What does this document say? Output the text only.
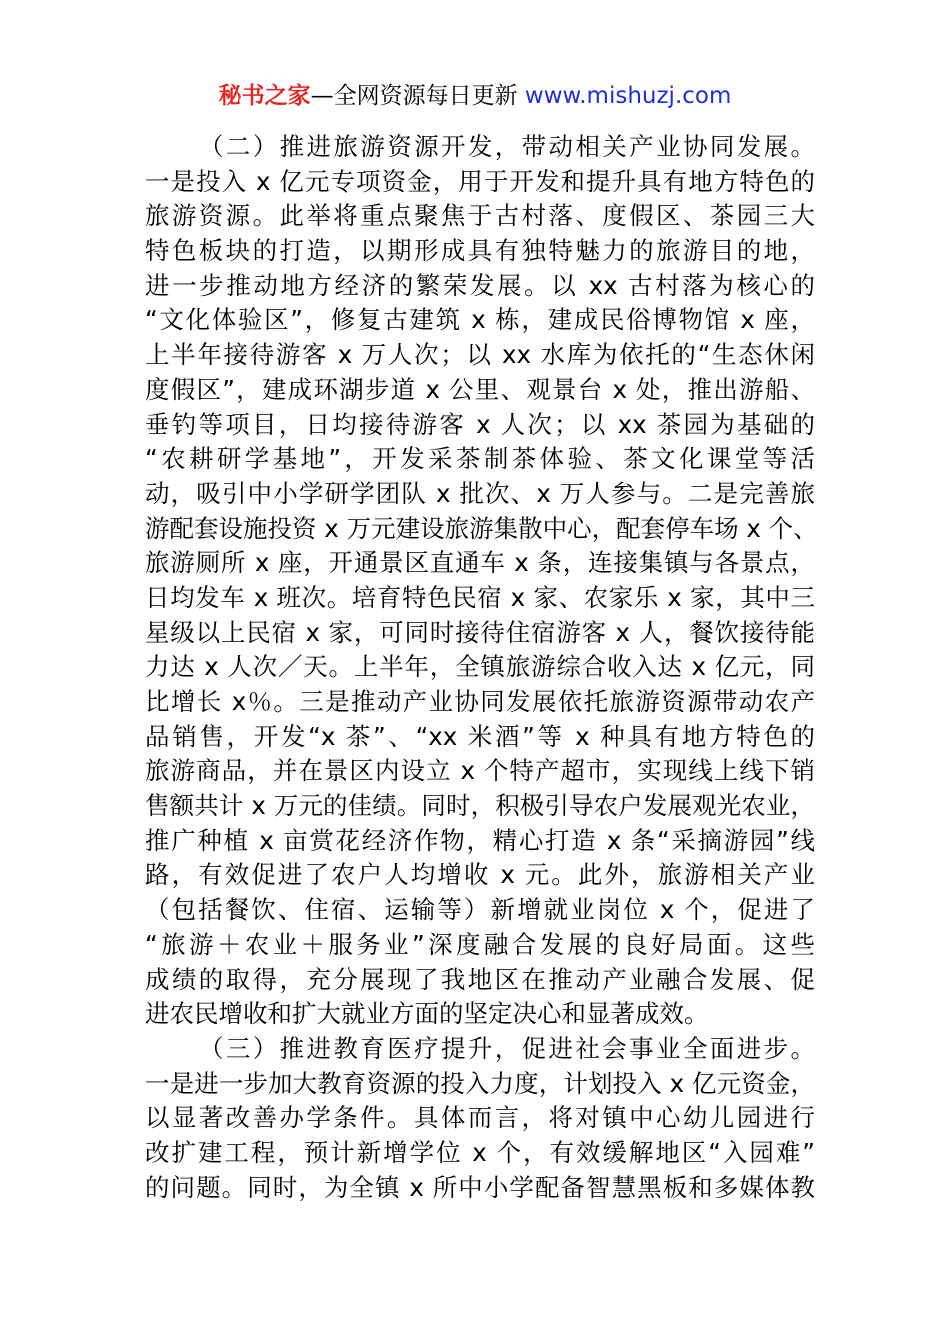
秘书之家—全网资源每日更新 www.mishuzj.com
（二）推进旅游资源开发，带动相关产业协同发展。
一是投入 x 亿元专项资金，用于开发和提升具有地方特色的
旅游资源。此举将重点聚焦于古村落、度假区、茶园三大
特色板块的打造，以期形成具有独特魅力的旅游目的地，
进一步推动地方经济的繁荣发展。以 xx 古村落为核心的
“文化体验区”，修复古建筑 x 栋，建成民俗博物馆 x 座，
上半年接待游客 x 万人次；以 xx 水库为依托的“生态休闲
度假区”，建成环湖步道 x 公里、观景台 x 处，推出游船、
垂钓等项目，日均接待游客 x 人次；以 xx 茶园为基础的
“农耕研学基地”，开发采茶制茶体验、茶文化课堂等活
动，吸引中小学研学团队 x 批次、x 万人参与。二是完善旅
游配套设施投资 x 万元建设旅游集散中心，配套停车场 x 个、
旅游厕所 x 座，开通景区直通车 x 条，连接集镇与各景点，
日均发车 x 班次。培育特色民宿 x 家、农家乐 x 家，其中三
星级以上民宿 x 家，可同时接待住宿游客 x 人，餐饮接待能
力达 x 人次／天。上半年，全镇旅游综合收入达 x 亿元，同
比增长 x％。三是推动产业协同发展依托旅游资源带动农产
品销售，开发“x 茶”、“xx 米酒”等 x 种具有地方特色的
旅游商品，并在景区内设立 x 个特产超市，实现线上线下销
售额共计 x 万元的佳绩。同时，积极引导农户发展观光农业，
推广种植 x 亩赏花经济作物，精心打造 x 条“采摘游园”线
路，有效促进了农户人均增收 x 元。此外，旅游相关产业
（包括餐饮、住宿、运输等）新增就业岗位 x 个，促进了
“旅游＋农业＋服务业”深度融合发展的良好局面。这些
成绩的取得，充分展现了我地区在推动产业融合发展、促
进农民增收和扩大就业方面的坚定决心和显著成效。
（三）推进教育医疗提升，促进社会事业全面进步。
一是进一步加大教育资源的投入力度，计划投入 x 亿元资金，
以显著改善办学条件。具体而言，将对镇中心幼儿园进行
改扩建工程，预计新增学位 x 个，有效缓解地区“入园难”
的问题。同时，为全镇 x 所中小学配备智慧黑板和多媒体教
